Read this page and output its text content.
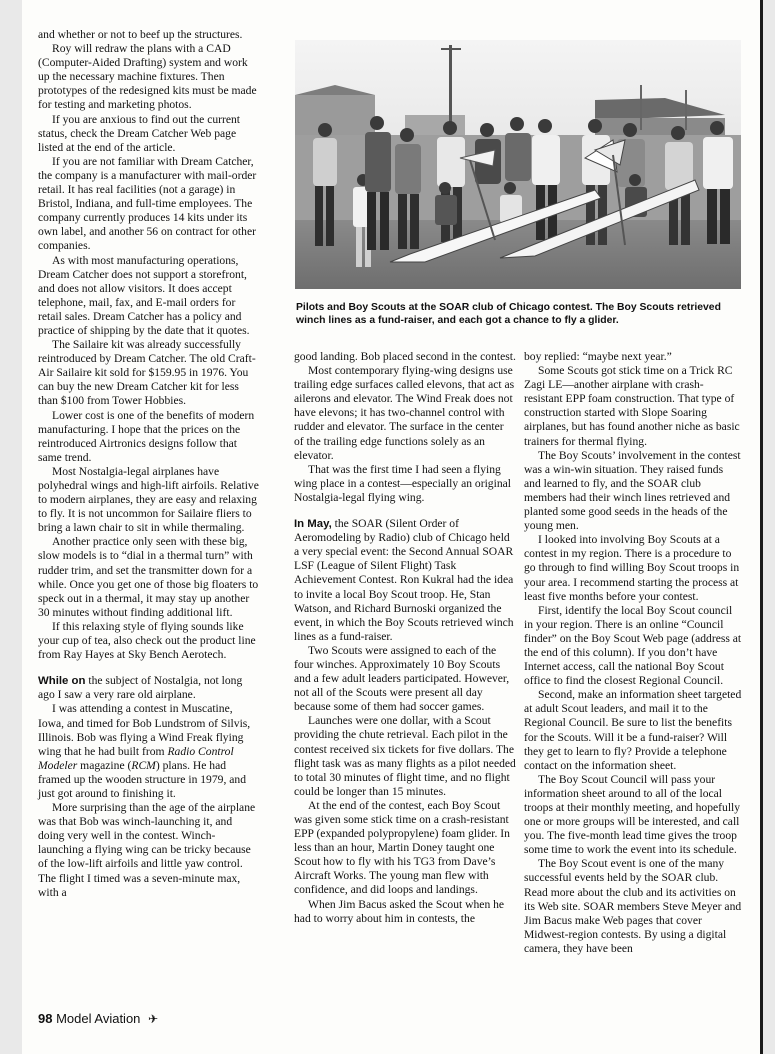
and whether or not to beef up the structures.

Roy will redraw the plans with a CAD (Computer-Aided Drafting) system and work up the necessary machine fixtures. Then prototypes of the redesigned kits must be made for testing and marketing photos.

If you are anxious to find out the current status, check the Dream Catcher Web page listed at the end of the article.

If you are not familiar with Dream Catcher, the company is a manufacturer with mail-order retail. It has real facilities (not a garage) in Bristol, Indiana, and full-time employees. The company currently produces 14 kits under its own label, and another 56 on contract for other companies.

As with most manufacturing operations, Dream Catcher does not support a storefront, and does not allow visitors. It does accept telephone, mail, fax, and E-mail orders for retail sales. Dream Catcher has a policy and practice of shipping by the date that it quotes.

The Sailaire kit was already successfully reintroduced by Dream Catcher. The old Craft-Air Sailaire kit sold for $159.95 in 1976. You can buy the new Dream Catcher kit for less than $100 from Tower Hobbies.

Lower cost is one of the benefits of modern manufacturing. I hope that the prices on the reintroduced Airtronics designs follow that same trend.

Most Nostalgia-legal airplanes have polyhedral wings and high-lift airfoils. Relative to modern airplanes, they are easy and relaxing to fly. It is not uncommon for Sailaire fliers to bring a lawn chair to sit in while thermaling.

Another practice only seen with these big, slow models is to “dial in a thermal turn” with rudder trim, and set the transmitter down for a while. Once you get one of those big floaters to speck out in a thermal, it may stay up another 30 minutes without finding additional lift.

If this relaxing style of flying sounds like your cup of tea, also check out the product line from Ray Hayes at Sky Bench Aerotech.

While on the subject of Nostalgia, not long ago I saw a very rare old airplane.

I was attending a contest in Muscatine, Iowa, and timed for Bob Lundstrom of Silvis, Illinois. Bob was flying a Wind Freak flying wing that he had built from Radio Control Modeler magazine (RCM) plans. He had framed up the wooden structure in 1979, and just got around to finishing it.

More surprising than the age of the airplane was that Bob was winch-launching it, and doing very well in the contest. Winch-launching a flying wing can be tricky because of the low-lift airfoils and little yaw control. The flight I timed was a seven-minute max, with a

Pilots and Boy Scouts at the SOAR club of Chicago contest. The Boy Scouts retrieved winch lines as a fund-raiser, and each got a chance to fly a glider.

good landing. Bob placed second in the contest.

Most contemporary flying-wing designs use trailing edge surfaces called elevons, that act as ailerons and elevator. The Wind Freak does not have elevons; it has two-channel control with rudder and elevator. The surface in the center of the trailing edge functions solely as an elevator.

That was the first time I had seen a flying wing place in a contest—especially an original Nostalgia-legal flying wing.

In May, the SOAR (Silent Order of Aeromodeling by Radio) club of Chicago held a very special event: the Second Annual SOAR LSF (League of Silent Flight) Task Achievement Contest. Ron Kukral had the idea to invite a local Boy Scout troop. He, Stan Watson, and Richard Burnoski organized the event, in which the Boy Scouts retrieved winch lines as a fund-raiser.

Two Scouts were assigned to each of the four winches. Approximately 10 Boy Scouts and a few adult leaders participated. However, not all of the Scouts were present all day because some of them had soccer games.

Launches were one dollar, with a Scout providing the chute retrieval. Each pilot in the contest received six tickets for five dollars. The flight task was as many flights as a pilot needed to total 30 minutes of flight time, and no flight could be longer than 15 minutes.

At the end of the contest, each Boy Scout was given some stick time on a crash-resistant EPP (expanded polypropylene) foam glider. In less than an hour, Martin Doney taught one Scout how to fly with his TG3 from Dave’s Aircraft Works. The young man flew with confidence, and did loops and landings.

When Jim Bacus asked the Scout when he had to worry about him in contests, the

boy replied: “maybe next year.”

Some Scouts got stick time on a Trick RC Zagi LE—another airplane with crash-resistant EPP foam construction. That type of construction started with Slope Soaring airplanes, but has found another niche as basic trainers for thermal flying.

The Boy Scouts’ involvement in the contest was a win-win situation. They raised funds and learned to fly, and the SOAR club members had their winch lines retrieved and planted some good seeds in the heads of the young men.

I looked into involving Boy Scouts at a contest in my region. There is a procedure to go through to find willing Boy Scout troops in your area. I recommend starting the process at least five months before your contest.

First, identify the local Boy Scout council in your region. There is an online “Council finder” on the Boy Scout Web page (address at the end of this column). If you don’t have Internet access, call the national Boy Scout office to find the closest Regional Council.

Second, make an information sheet targeted at adult Scout leaders, and mail it to the Regional Council. Be sure to list the benefits for the Scouts. Will it be a fund-raiser? Will they get to learn to fly? Provide a telephone contact on the information sheet.

The Boy Scout Council will pass your information sheet around to all of the local troops at their monthly meeting, and hopefully one or more groups will be interested, and call you. The five-month lead time gives the troop some time to work the event into its schedule.

The Boy Scout event is one of the many successful events held by the SOAR club. Read more about the club and its activities on its Web site. SOAR members Steve Meyer and Jim Bacus make Web pages that cover Midwest-region contests. By using a digital camera, they have been

98 Model Aviation ✈
